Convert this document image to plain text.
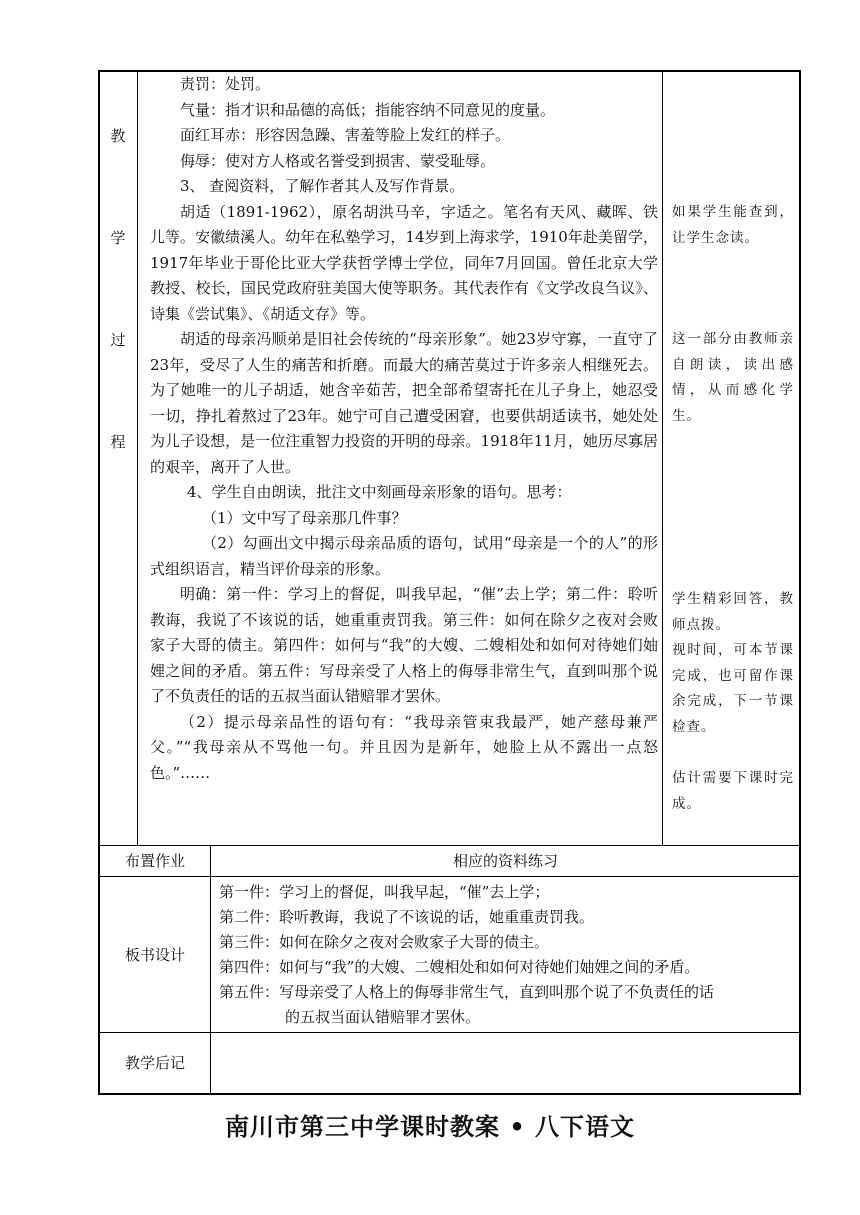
教
学
过
程

责罚：处罚。

气量：指才识和品德的高低；指能容纳不同意见的度量。

面红耳赤：形容因急躁、害羞等脸上发红的样子。

侮辱：使对方人格或名誉受到损害、蒙受耻辱。

3、 查阅资料，了解作者其人及写作背景。

胡适（1891-1962），原名胡洪马辛，字适之。笔名有天风、藏晖、铁儿等。安徽绩溪人。幼年在私塾学习，14岁到上海求学，1910年赴美留学，1917年毕业于哥伦比亚大学获哲学博士学位，同年7月回国。曾任北京大学教授、校长，国民党政府驻美国大使等职务。其代表作有《文学改良刍议》、诗集《尝试集》、《胡适文存》等。

胡适的母亲冯顺弟是旧社会传统的“母亲形象”。她23岁守寡，一直守了23年，受尽了人生的痛苦和折磨。而最大的痛苦莫过于许多亲人相继死去。为了她唯一的儿子胡适，她含辛茹苦，把全部希望寄托在儿子身上，她忍受一切，挣扎着熬过了23年。她宁可自己遭受困窘，也要供胡适读书，她处处为儿子设想，是一位注重智力投资的开明的母亲。1918年11月，她历尽寡居的艰辛，离开了人世。

4、学生自由朗读，批注文中刻画母亲形象的语句。思考：

（1）文中写了母亲那几件事？

（2）勾画出文中揭示母亲品质的语句，试用“母亲是一个的人”的形式组织语言，精当评价母亲的形象。

明确：第一件：学习上的督促，叫我早起，“催”去上学；第二件：聆听教诲，我说了不该说的话，她重重责罚我。第三件：如何在除夕之夜对会败家子大哥的债主。第四件：如何与“我”的大嫂、二嫂相处和如何对待她们妯娌之间的矛盾。第五件：写母亲受了人格上的侮辱非常生气，直到叫那个说了不负责任的话的五叔当面认错赔罪才罢休。

（2）提示母亲品性的语句有：“我母亲管束我最严，她产慈母兼严父。”“我母亲从不骂他一句。并且因为是新年，她脸上从不露出一点怒色。”……

如果学生能查到，让学生念读。
这一部分由教师亲自朗读，读出感情，从而感化学生。
学生精彩回答，教师点拨。
视时间，可本节课完成，也可留作课余完成，下一节课检查。
估计需要下课时完成。
布置作业	相应的资料练习
板书设计

第一件：学习上的督促，叫我早起，“催”去上学；

第二件：聆听教诲，我说了不该说的话，她重重责罚我。

第三件：如何在除夕之夜对会败家子大哥的债主。

第四件：如何与“我”的大嫂、二嫂相处和如何对待她们妯娌之间的矛盾。

第五件：写母亲受了人格上的侮辱非常生气，直到叫那个说了不负责任的话

的五叔当面认错赔罪才罢休。

教学后记
南川市第三中学课时教案 • 八下语文
